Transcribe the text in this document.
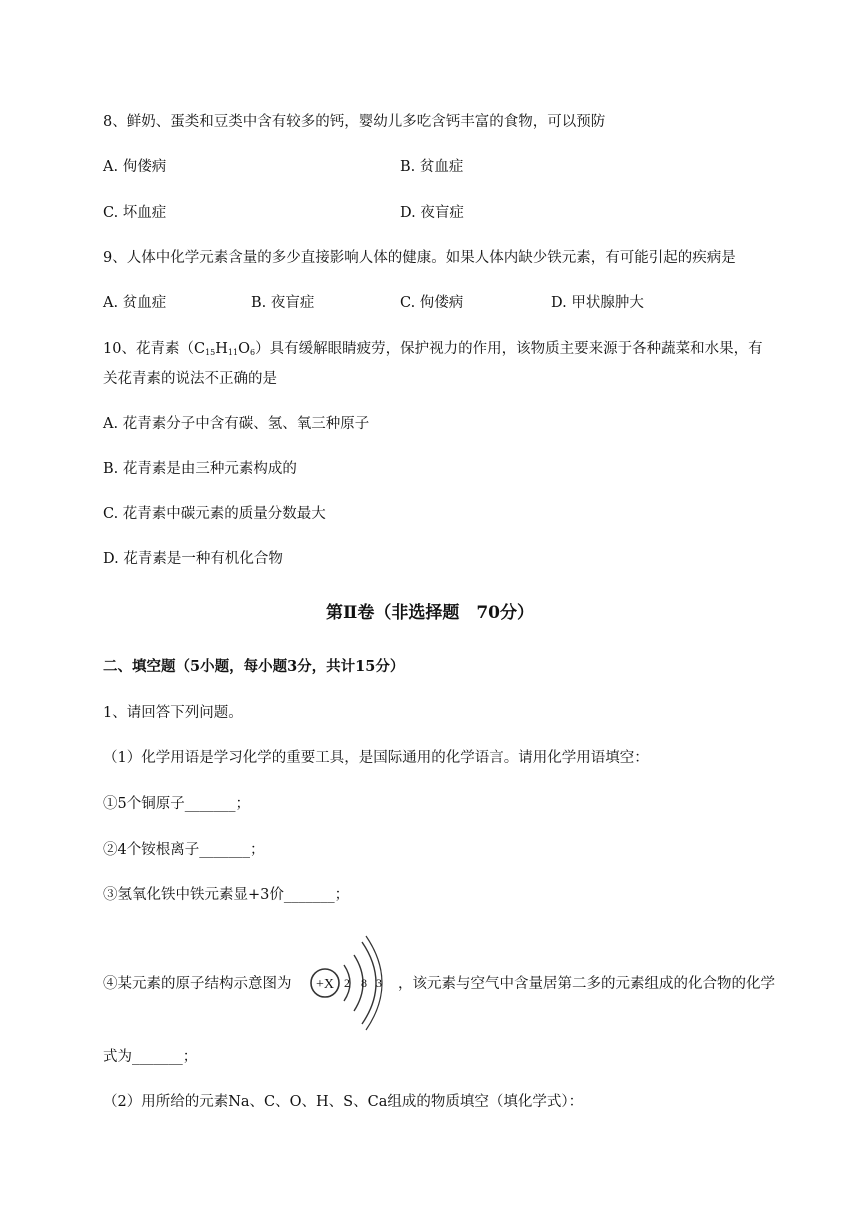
8、鲜奶、蛋类和豆类中含有较多的钙，婴幼儿多吃含钙丰富的食物，可以预防
A. 佝偻病	B. 贫血症
C. 坏血症	D. 夜盲症
9、人体中化学元素含量的多少直接影响人体的健康。如果人体内缺少铁元素，有可能引起的疾病是
A. 贫血症	B. 夜盲症	C. 佝偻病	D. 甲状腺肿大
10、花青素$(C_{15}H_{11}O_6)$具有缓解眼睛疲劳，保护视力的作用，该物质主要来源于各种蔬菜和水果，有
关花青素的说法不正确的是
A. 花青素分子中含有碳、氢、氧三种原子
B. 花青素是由三种元素构成的
C. 花青素中碳元素的质量分数最大
D. 花青素是一种有机化合物
第Ⅱ卷（非选择题　70分）
二、填空题（5小题，每小题3分，共计15分）
1、请回答下列问题。
（1）化学用语是学习化学的重要工具，是国际通用的化学语言。请用化学用语填空：
①5个铜原子_______；
②4个铵根离子_______；
③氢氧化铁中铁元素显+3价_______；
④某元素的原子结构示意图为 +X 2 8 3 ，该元素与空气中含量居第二多的元素组成的化合物的化学
式为_______；
（2）用所给的元素Na、C、O、H、S、Ca组成的物质填空（填化学式）：
